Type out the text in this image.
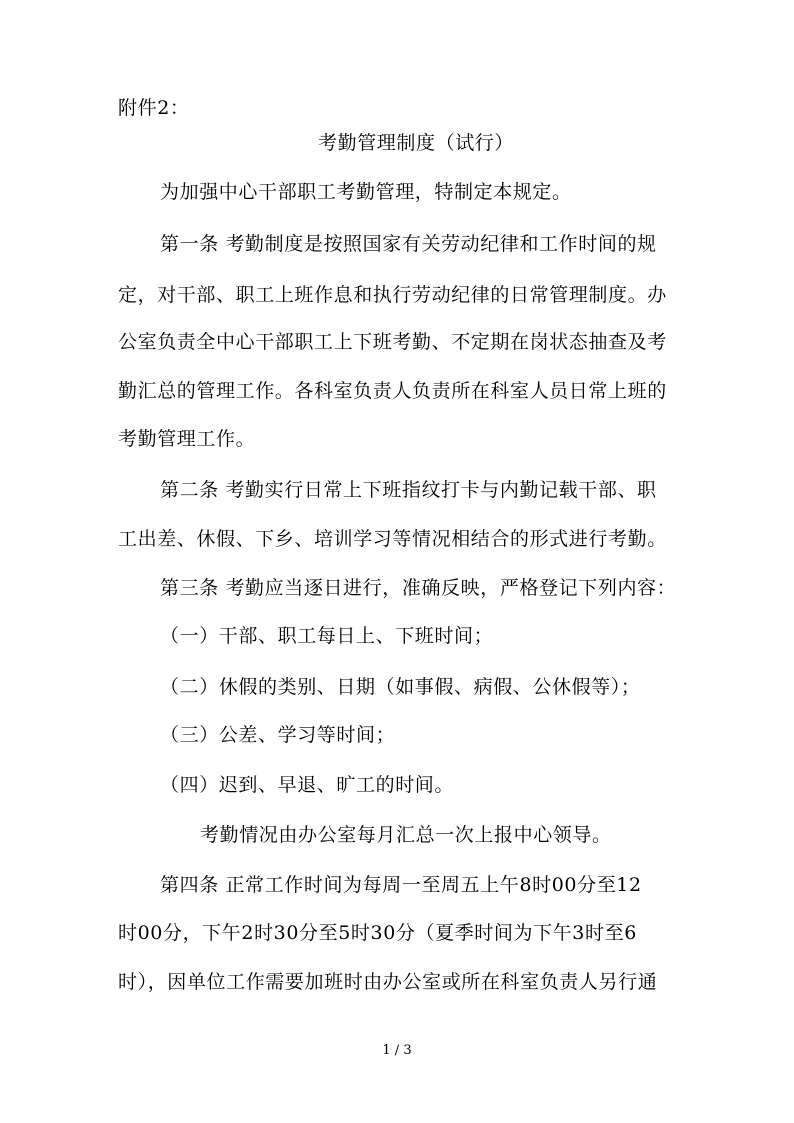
附件2：
考勤管理制度（试行）
为加强中心干部职工考勤管理，特制定本规定。
第一条 考勤制度是按照国家有关劳动纪律和工作时间的规
定，对干部、职工上班作息和执行劳动纪律的日常管理制度。办
公室负责全中心干部职工上下班考勤、不定期在岗状态抽查及考
勤汇总的管理工作。各科室负责人负责所在科室人员日常上班的
考勤管理工作。
第二条 考勤实行日常上下班指纹打卡与内勤记载干部、职
工出差、休假、下乡、培训学习等情况相结合的形式进行考勤。
第三条 考勤应当逐日进行，准确反映，严格登记下列内容：
（一）干部、职工每日上、下班时间；
（二）休假的类别、日期（如事假、病假、公休假等）；
（三）公差、学习等时间；
（四）迟到、早退、旷工的时间。
考勤情况由办公室每月汇总一次上报中心领导。
第四条 正常工作时间为每周一至周五上午8时00分至12
时00分，下午2时30分至5时30分（夏季时间为下午3时至6
时），因单位工作需要加班时由办公室或所在科室负责人另行通
1 / 3
